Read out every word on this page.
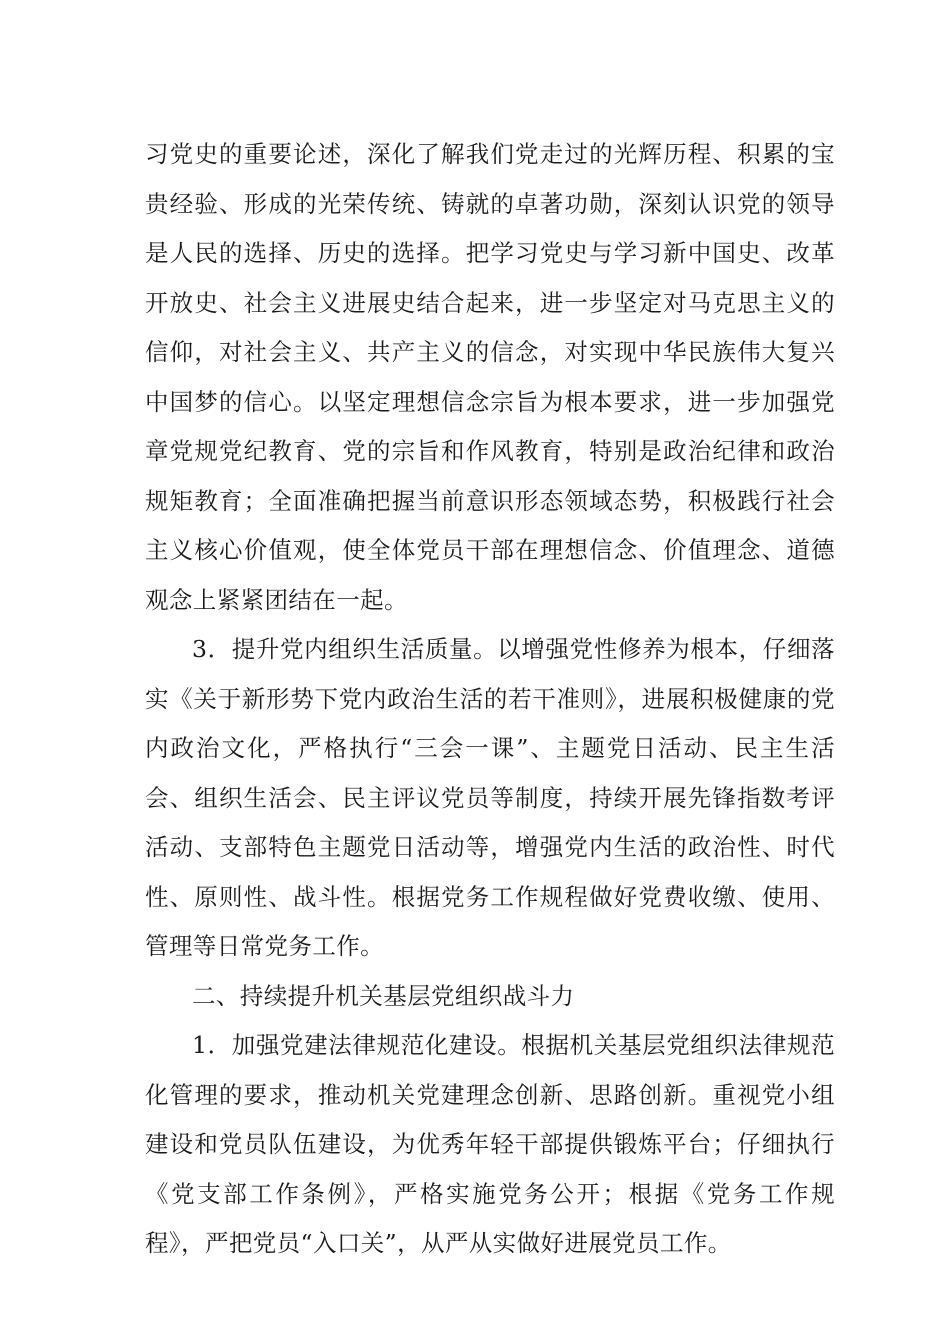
习党史的重要论述，深化了解我们党走过的光辉历程、积累的宝贵经验、形成的光荣传统、铸就的卓著功勋，深刻认识党的领导是人民的选择、历史的选择。把学习党史与学习新中国史、改革开放史、社会主义进展史结合起来，进一步坚定对马克思主义的信仰，对社会主义、共产主义的信念，对实现中华民族伟大复兴中国梦的信心。以坚定理想信念宗旨为根本要求，进一步加强党章党规党纪教育、党的宗旨和作风教育，特别是政治纪律和政治规矩教育；全面准确把握当前意识形态领域态势，积极践行社会主义核心价值观，使全体党员干部在理想信念、价值理念、道德观念上紧紧团结在一起。

3．提升党内组织生活质量。以增强党性修养为根本，仔细落实《关于新形势下党内政治生活的若干准则》，进展积极健康的党内政治文化，严格执行“三会一课”、主题党日活动、民主生活会、组织生活会、民主评议党员等制度，持续开展先锋指数考评活动、支部特色主题党日活动等，增强党内生活的政治性、时代性、原则性、战斗性。根据党务工作规程做好党费收缴、使用、管理等日常党务工作。

二、持续提升机关基层党组织战斗力

1．加强党建法律规范化建设。根据机关基层党组织法律规范化管理的要求，推动机关党建理念创新、思路创新。重视党小组建设和党员队伍建设，为优秀年轻干部提供锻炼平台；仔细执行《党支部工作条例》，严格实施党务公开；根据《党务工作规程》，严把党员“入口关”，从严从实做好进展党员工作。
